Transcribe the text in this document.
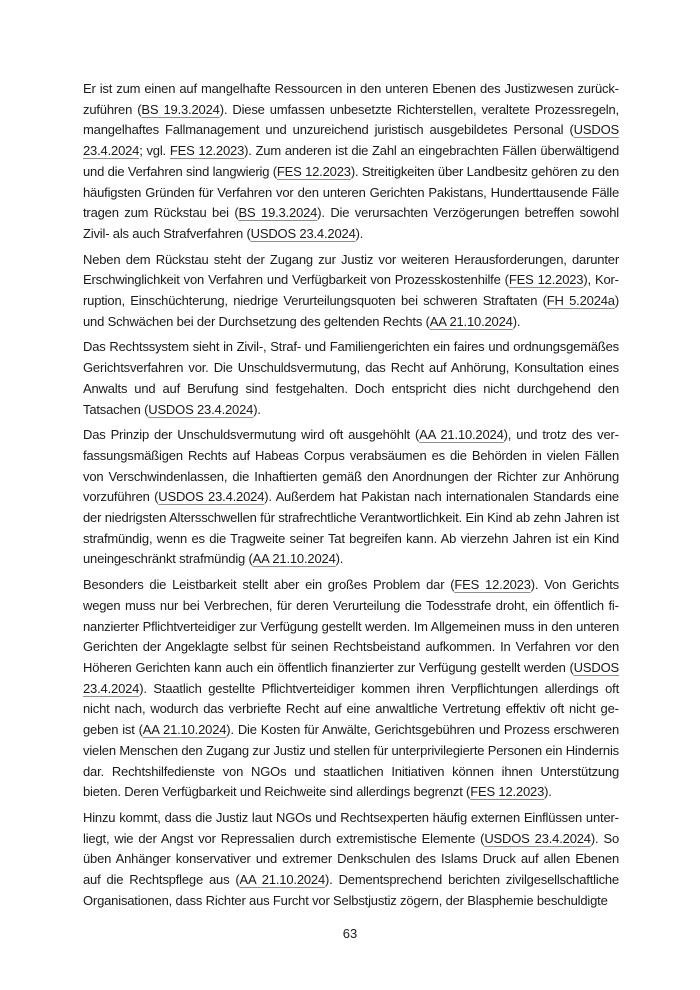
Er ist zum einen auf mangelhafte Ressourcen in den unteren Ebenen des Justizwesen zurückzuführen (BS 19.3.2024). Diese umfassen unbesetzte Richterstellen, veraltete Prozessregeln, mangelhaftes Fallmanagement und unzureichend juristisch ausgebildetes Personal (USDOS 23.4.2024; vgl. FES 12.2023). Zum anderen ist die Zahl an eingebrachten Fällen überwältigend und die Verfahren sind langwierig (FES 12.2023). Streitigkeiten über Landbesitz gehören zu den häufigsten Gründen für Verfahren vor den unteren Gerichten Pakistans, Hunderttausende Fälle tragen zum Rückstau bei (BS 19.3.2024). Die verursachten Verzögerungen betreffen sowohl Zivil- als auch Strafverfahren (USDOS 23.4.2024).

Neben dem Rückstau steht der Zugang zur Justiz vor weiteren Herausforderungen, darunter Erschwinglichkeit von Verfahren und Verfügbarkeit von Prozesskostenhilfe (FES 12.2023), Korruption, Einschüchterung, niedrige Verurteilungsquoten bei schweren Straftaten (FH 5.2024a) und Schwächen bei der Durchsetzung des geltenden Rechts (AA 21.10.2024).

Das Rechtssystem sieht in Zivil-, Straf- und Familiengerichten ein faires und ordnungsgemäßes Gerichtsverfahren vor. Die Unschuldsvermutung, das Recht auf Anhörung, Konsultation eines Anwalts und auf Berufung sind festgehalten. Doch entspricht dies nicht durchgehend den Tatsachen (USDOS 23.4.2024).

Das Prinzip der Unschuldsvermutung wird oft ausgehöhlt (AA 21.10.2024), und trotz des verfassungsmäßigen Rechts auf Habeas Corpus verabsäumen es die Behörden in vielen Fällen von Verschwindenlassen, die Inhaftierten gemäß den Anordnungen der Richter zur Anhörung vorzuführen (USDOS 23.4.2024). Außerdem hat Pakistan nach internationalen Standards eine der niedrigsten Altersschwellen für strafrechtliche Verantwortlichkeit. Ein Kind ab zehn Jahren ist strafmündig, wenn es die Tragweite seiner Tat begreifen kann. Ab vierzehn Jahren ist ein Kind uneingeschränkt strafmündig (AA 21.10.2024).

Besonders die Leistbarkeit stellt aber ein großes Problem dar (FES 12.2023). Von Gerichts wegen muss nur bei Verbrechen, für deren Verurteilung die Todesstrafe droht, ein öffentlich finanzierter Pflichtverteidiger zur Verfügung gestellt werden. Im Allgemeinen muss in den unteren Gerichten der Angeklagte selbst für seinen Rechtsbeistand aufkommen. In Verfahren vor den Höheren Gerichten kann auch ein öffentlich finanzierter zur Verfügung gestellt werden (USDOS 23.4.2024). Staatlich gestellte Pflichtverteidiger kommen ihren Verpflichtungen allerdings oft nicht nach, wodurch das verbriefte Recht auf eine anwaltliche Vertretung effektiv oft nicht gegeben ist (AA 21.10.2024). Die Kosten für Anwälte, Gerichtsgebühren und Prozess erschweren vielen Menschen den Zugang zur Justiz und stellen für unterprivilegierte Personen ein Hindernis dar. Rechtshilfedienste von NGOs und staatlichen Initiativen können ihnen Unterstützung bieten. Deren Verfügbarkeit und Reichweite sind allerdings begrenzt (FES 12.2023).

Hinzu kommt, dass die Justiz laut NGOs und Rechtsexperten häufig externen Einflüssen unterliegt, wie der Angst vor Repressalien durch extremistische Elemente (USDOS 23.4.2024). So üben Anhänger konservativer und extremer Denkschulen des Islams Druck auf allen Ebenen auf die Rechtspflege aus (AA 21.10.2024). Dementsprechend berichten zivilgesellschaftliche Organisationen, dass Richter aus Furcht vor Selbstjustiz zögern, der Blasphemie beschuldigte

63
